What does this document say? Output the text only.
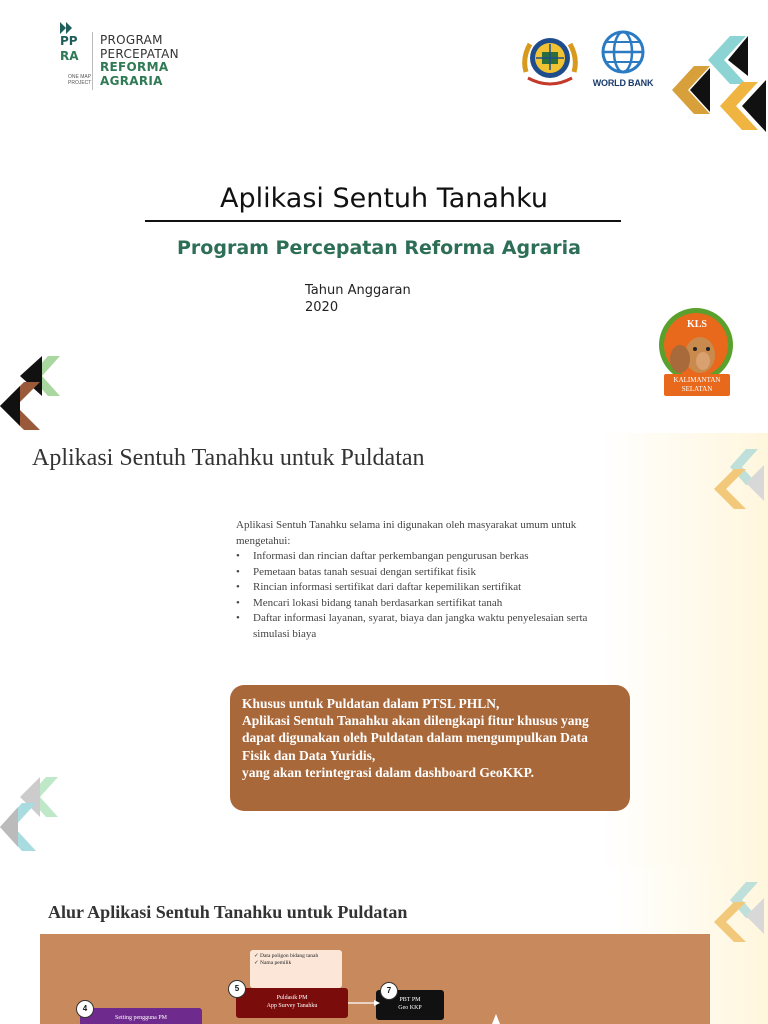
PP
RA
ONE MAP
PROJECT
PROGRAM
PERCEPATAN
REFORMA
AGRARIA	WORLD BANK
Aplikasi Sentuh Tanahku
Program Percepatan Reforma Agraria
Tahun Anggaran
2020
KLS
KALIMANTAN
SELATAN
Aplikasi Sentuh Tanahku untuk Puldatan
Aplikasi Sentuh Tanahku selama ini digunakan oleh masyarakat umum untuk mengetahui:
• Informasi dan rincian daftar perkembangan pengurusan berkas
• Pemetaan batas tanah sesuai dengan sertifikat fisik
• Rincian informasi sertifikat dari daftar kepemilikan sertifikat
• Mencari lokasi bidang tanah berdasarkan sertifikat tanah
• Daftar informasi layanan, syarat, biaya dan jangka waktu penyelesaian serta simulasi biaya
Khusus untuk Puldatan dalam PTSL PHLN,
Aplikasi Sentuh Tanahku akan dilengkapi fitur khusus yang dapat digunakan oleh Puldatan dalam mengumpulkan Data Fisik dan Data Yuridis,
yang akan terintegrasi dalam dashboard GeoKKP.
Alur Aplikasi Sentuh Tanahku untuk Puldatan
Data poligon bidang tanah
✓
Nama pemilik
✓
Puldasik PM
App Survey Tanahku
5
PBT PM
Geo KKP
7
Setting pengguna PM
4
